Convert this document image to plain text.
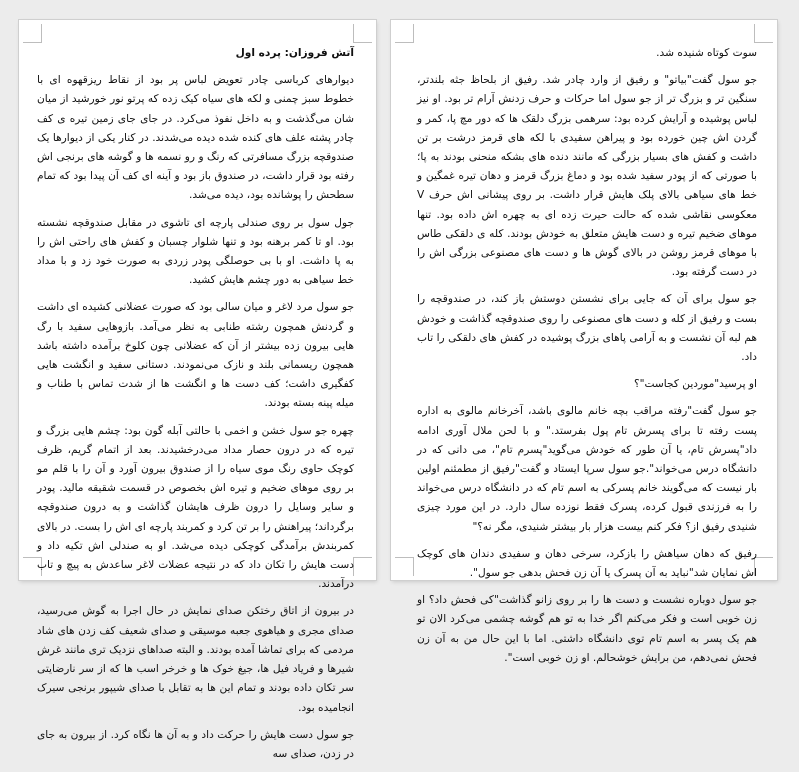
آتش فروزان: پرده اول

دیوارهای کرباسی چادر تعویض لباس پر بود از نقاط ریزقهوه ای با خطوط سبز چمنی و لکه های سیاه کیک زده که پرتو نور خورشید از میان شان می‌گذشت و به داخل نفوذ می‌کرد. در جای جای زمین تیره ی کف چادر پشته علف های کنده شده دیده می‌شدند. در کنار یکی از دیوارها یک صندوقچه بزرگ مسافرتی که رنگ و رو نسمه ها و گوشه های برنجی اش رفته بود قرار داشت، در صندوق باز بود و آینه ای کف آن پیدا بود که تمام سطحش را پوشانده بود، دیده می‌شد.

جول سول بر روی صندلی پارچه ای تاشوی در مقابل صندوقچه نشسته بود. او تا کمر برهنه بود و تنها شلوار چسبان و کفش های راحتی اش را به پا داشت. او با بی حوصلگی پودر زردی به صورت خود زد و با مداد خط سیاهی به دور چشم هایش کشید.

جو سول مرد لاغر و میان سالی بود که صورت عضلانی کشیده ای داشت و گردنش همچون رشته طنابی به نظر می‌آمد. بازوهایی سفید با رگ هایی بیرون زده بیشتر از آن که عضلانی چون کلوخ برآمده داشته باشد همچون ریسمانی بلند و نازک می‌نمودند. دستانی سفید و انگشت هایی کفگیری داشت؛ کف دست ها و انگشت ها از شدت تماس با طناب و میله پینه بسته بودند.

چهره جو سول خشن و اخمی با حالتی آبله گون بود: چشم هایی بزرگ و تیره که در درون حصار مداد می‌درخشیدند. بعد از اتمام گریم، ظرف کوچک حاوی رنگ موی سیاه را از صندوق بیرون آورد و آن را با قلم مو بر روی موهای ضخیم و تیره اش بخصوص در قسمت شقیقه مالید. پودر و سایر وسایل را درون ظرف هایشان گذاشت و به درون صندوقچه برگرداند؛ پیراهنش را بر تن کرد و کمربند پارچه ای اش را بست. در بالای کمربندش برآمدگی کوچکی دیده می‌شد. او به صندلی اش تکیه داد و دست هایش را تکان داد که در نتیجه عضلات لاغر ساعدش به پیچ و تاب درآمدند.

در بیرون از اتاق رختکن صدای نمایش در حال اجرا به گوش می‌رسید، صدای مجری و هیاهوی جعبه موسیقی و صدای شعیف کف زدن های شاد مردمی که برای تماشا آمده بودند. و البته صداهای نزدیک تری مانند غرش شیرها و فریاد فیل ها، جیغ خوک ها و خرخر اسب ها که از سر نارضایتی سر تکان داده بودند و تمام این ها به تقابل با صدای شیپور برنجی سیرک انجامیده بود.

جو سول دست هایش را حرکت داد و به آن ها نگاه کرد. از بیرون به جای در زدن، صدای سه

سوت کوتاه شنیده شد.

جو سول گفت"بیاتو" و رفیق از وارد چادر شد. رفیق از بلحاظ جثه بلندتر، سنگین تر و بزرگ تر از جو سول اما حرکات و حرف زدنش آرام تر بود. او نیز لباس پوشیده و آرایش کرده بود: سرهمی بزرگ دلقک ها که دور مچ پا، کمر و گردن اش چین خورده بود و پیراهن سفیدی با لکه های قرمز درشت بر تن داشت و کفش های بسیار بزرگی که مانند دنده های بشکه منحنی بودند به پا؛ با صورتی که از پودر سفید شده بود و دماغ بزرگ قرمز و دهان تیره غمگین و خط های سیاهی بالای پلک هایش قرار داشت. بر روی پیشانی اش حرف V معکوسی نقاشی شده که حالت حیرت زده ای به چهره اش داده بود. تنها موهای ضخیم تیره و دست هایش متعلق به خودش بودند. کله ی دلقکی طاس با موهای قرمز روشن در بالای گوش ها و دست های مصنوعی بزرگی اش را در دست گرفته بود.

جو سول برای آن که جایی برای نشستن دوستش باز کند، در صندوقچه را بست و رفیق از کله و دست های مصنوعی را روی صندوقچه گذاشت و خودش هم لبه آن نشست و به آرامی پاهای بزرگ پوشیده در کفش های دلقکی را تاب داد.

او پرسید"موردین کجاست"؟

جو سول گفت"رفته مراقب بچه خانم مالوی باشد، آخرخانم مالوی به اداره پست رفته تا برای پسرش تام پول بفرستد." و با لحن ملال آوری ادامه داد"پسرش تام، یا آن طور که خودش می‌گوید"پسرم تام"، می دانی که در دانشگاه درس می‌خواند".جو سول سرپا ایستاد و گفت"رفیق از مطمئنم اولین بار نیست که می‌گویند خانم پسرکی به اسم تام که در دانشگاه درس می‌خواند را به فرزندی قبول کرده، پسرک فقط نوزده سال دارد. در این مورد چیزی شنیدی رفیق از؟ فکر کنم بیست هزار بار بیشتر شنیدی، مگر نه؟"

رفیق که دهان سیاهش را بازکرد، سرخی دهان و سفیدی دندان های کوچک اش نمایان شد"نباید به آن پسرک یا آن زن فحش بدهی جو سول".

جو سول دوباره نشست و دست ها را بر روی زانو گذاشت"کی فحش داد؟ او زن خوبی است و فکر می‌کنم اگر خدا به تو هم گوشه چشمی می‌کرد الان تو هم یک پسر به اسم تام توی دانشگاه داشتی. اما با این حال من به آن زن فحش نمی‌دهم، من برایش خوشحالم. او زن خوبی است".
